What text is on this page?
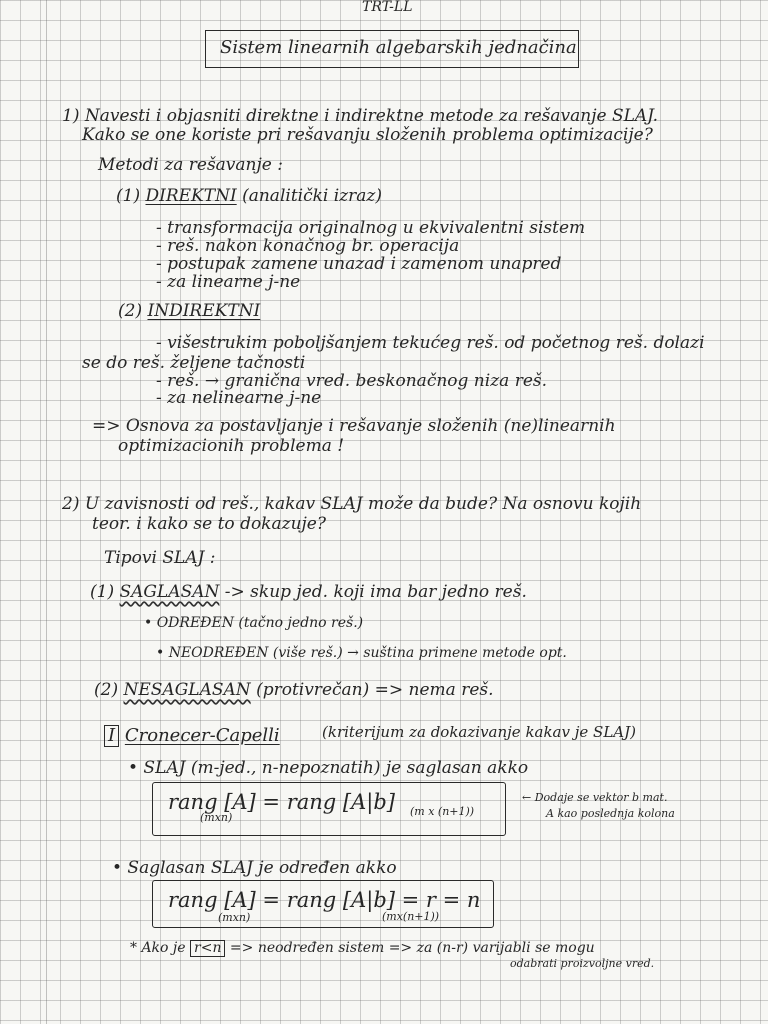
TRT-LL
Sistem linearnih algebarskih jednačina
1) Navesti i objasniti direktne i indirektne metode za rešavanje SLAJ.
Kako se one koriste pri rešavanju složenih problema optimizacije?
Metodi za rešavanje :
(1) DIREKTNI (analitički izraz)
- transformacija originalnog u ekvivalentni sistem
- reš. nakon konačnog br. operacija
- postupak zamene unazad i zamenom unapred
- za linearne j-ne
(2) INDIREKTNI
- višestrukim poboljšanjem tekućeg reš. od početnog reš. dolazi
se do reš. željene tačnosti
- reš. → granična vred. beskonačnog niza reš.
- za nelinearne j-ne
=> Osnova za postavljanje i rešavanje složenih (ne)linearnih
optimizacionih problema !
2) U zavisnosti od reš., kakav SLAJ može da bude? Na osnovu kojih
teor. i kako se to dokazuje?
Tipovi SLAJ :
(1) SAGLASAN -> skup jed. koji ima bar jedno reš.
• ODREĐEN (tačno jedno reš.)
• NEODREĐEN (više reš.) → suština primene metode opt.
(2) NESAGLASAN (protivrečan) => nema reš.
I Cronecer-Capelli	(kriterijum za dokazivanje kakav je SLAJ)
• SLAJ (m-jed., n-nepoznatih) je saglasan akko
rang [A] = rang [A|b]
(mxn)	(m x (n+1))
← Dodaje se vektor b mat.
A kao poslednja kolona
• Saglasan SLAJ je određen akko
rang [A] = rang [A|b] = r = n
(mxn)	(mx(n+1))
* Ako je r<n => neodređen sistem => za (n-r) varijabli se mogu
odabrati proizvoljne vred.
